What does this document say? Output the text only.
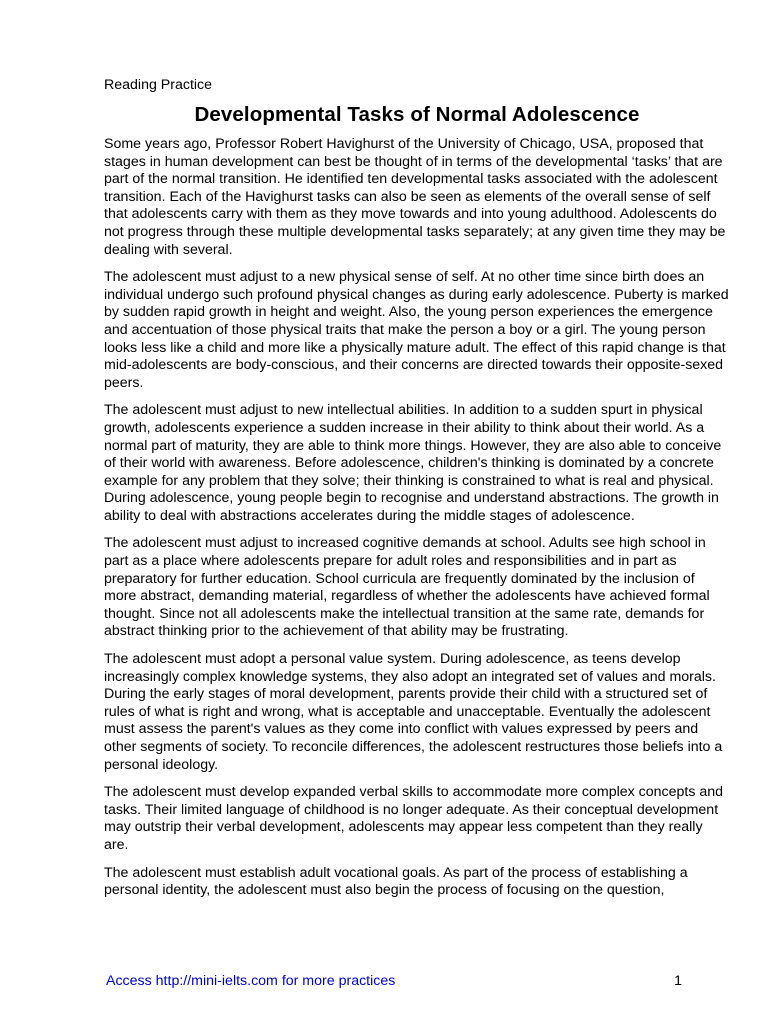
Reading Practice
Developmental Tasks of Normal Adolescence

Some years ago, Professor Robert Havighurst of the University of Chicago, USA, proposed that stages in human development can best be thought of in terms of the developmental ‘tasks’ that are part of the normal transition. He identified ten developmental tasks associated with the adolescent transition. Each of the Havighurst tasks can also be seen as elements of the overall sense of self that adolescents carry with them as they move towards and into young adulthood. Adolescents do not progress through these multiple developmental tasks separately; at any given time they may be dealing with several.

The adolescent must adjust to a new physical sense of self. At no other time since birth does an individual undergo such profound physical changes as during early adolescence. Puberty is marked by sudden rapid growth in height and weight. Also, the young person experiences the emergence and accentuation of those physical traits that make the person a boy or a girl. The young person looks less like a child and more like a physically mature adult. The effect of this rapid change is that mid-adolescents are body-conscious, and their concerns are directed towards their opposite-sexed peers.

The adolescent must adjust to new intellectual abilities. In addition to a sudden spurt in physical growth, adolescents experience a sudden increase in their ability to think about their world. As a normal part of maturity, they are able to think more things. However, they are also able to conceive of their world with awareness. Before adolescence, children's thinking is dominated by a concrete example for any problem that they solve; their thinking is constrained to what is real and physical. During adolescence, young people begin to recognise and understand abstractions. The growth in ability to deal with abstractions accelerates during the middle stages of adolescence.

The adolescent must adjust to increased cognitive demands at school. Adults see high school in part as a place where adolescents prepare for adult roles and responsibilities and in part as preparatory for further education. School curricula are frequently dominated by the inclusion of more abstract, demanding material, regardless of whether the adolescents have achieved formal thought. Since not all adolescents make the intellectual transition at the same rate, demands for abstract thinking prior to the achievement of that ability may be frustrating.

The adolescent must adopt a personal value system. During adolescence, as teens develop increasingly complex knowledge systems, they also adopt an integrated set of values and morals. During the early stages of moral development, parents provide their child with a structured set of rules of what is right and wrong, what is acceptable and unacceptable. Eventually the adolescent must assess the parent's values as they come into conflict with values expressed by peers and other segments of society. To reconcile differences, the adolescent restructures those beliefs into a personal ideology.

The adolescent must develop expanded verbal skills to accommodate more complex concepts and tasks. Their limited language of childhood is no longer adequate. As their conceptual development may outstrip their verbal development, adolescents may appear less competent than they really are.

The adolescent must establish adult vocational goals. As part of the process of establishing a personal identity, the adolescent must also begin the process of focusing on the question,

Access http://mini-ielts.com for more practices	1
